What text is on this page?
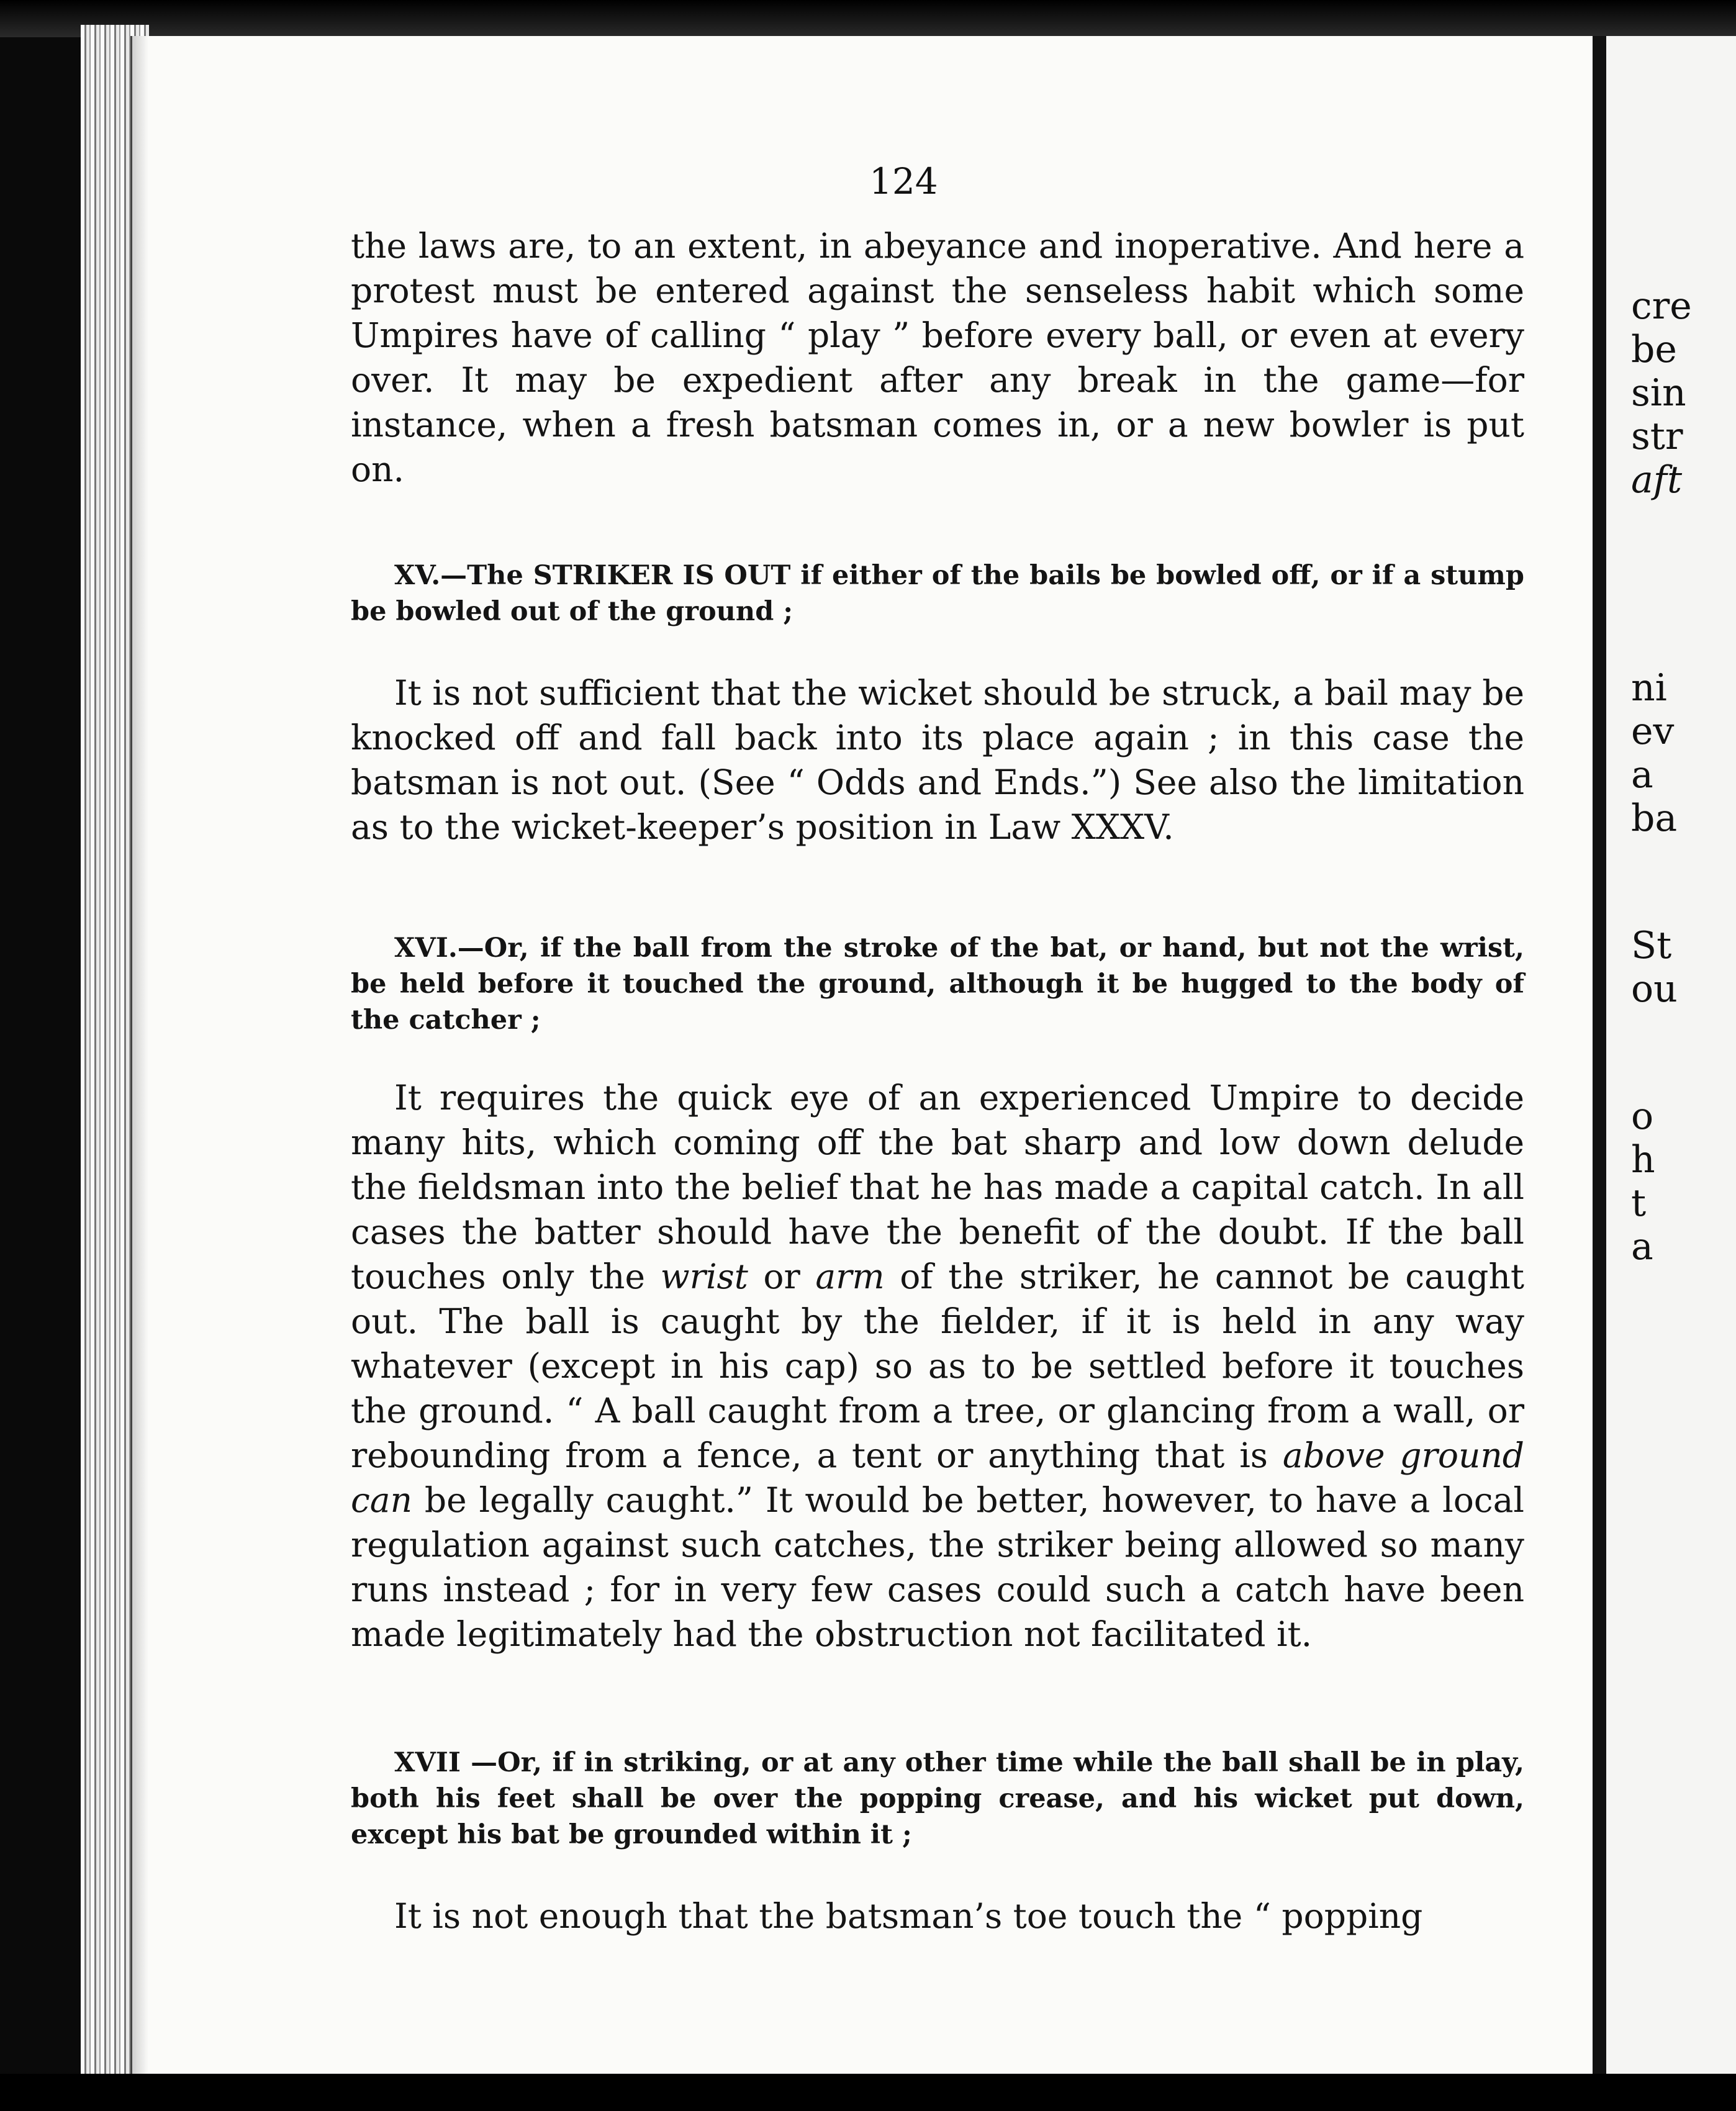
cre
be
sin
str
aft
ni
ev
a
ba
St
ou
o
h
t
a
124

the laws are, to an extent, in abeyance and inoperative. And here a protest must be entered against the senseless habit which some Umpires have of calling “ play ” before every ball, or even at every over. It may be expedient after any break in the game—for instance, when a fresh batsman comes in, or a new bowler is put on.

XV.—The STRIKER IS OUT if either of the bails be bowled off, or if a stump be bowled out of the ground ;

It is not sufficient that the wicket should be struck, a bail may be knocked off and fall back into its place again ; in this case the batsman is not out. (See “ Odds and Ends.”) See also the limitation as to the wicket-keeper’s position in Law XXXV.

XVI.—Or, if the ball from the stroke of the bat, or hand, but not the wrist, be held before it touched the ground, although it be hugged to the body of the catcher ;

It requires the quick eye of an experienced Umpire to decide many hits, which coming off the bat sharp and low down delude the fieldsman into the belief that he has made a capital catch. In all cases the batter should have the benefit of the doubt. If the ball touches only the wrist or arm of the striker, he cannot be caught out. The ball is caught by the fielder, if it is held in any way whatever (except in his cap) so as to be settled before it touches the ground. “ A ball caught from a tree, or glancing from a wall, or rebounding from a fence, a tent or anything that is above ground can be legally caught.” It would be better, however, to have a local regulation against such catches, the striker being allowed so many runs instead ; for in very few cases could such a catch have been made legitimately had the obstruction not facilitated it.

XVII —Or, if in striking, or at any other time while the ball shall be in play, both his feet shall be over the popping crease, and his wicket put down, except his bat be grounded within it ;

It is not enough that the batsman’s toe touch the “ popping
